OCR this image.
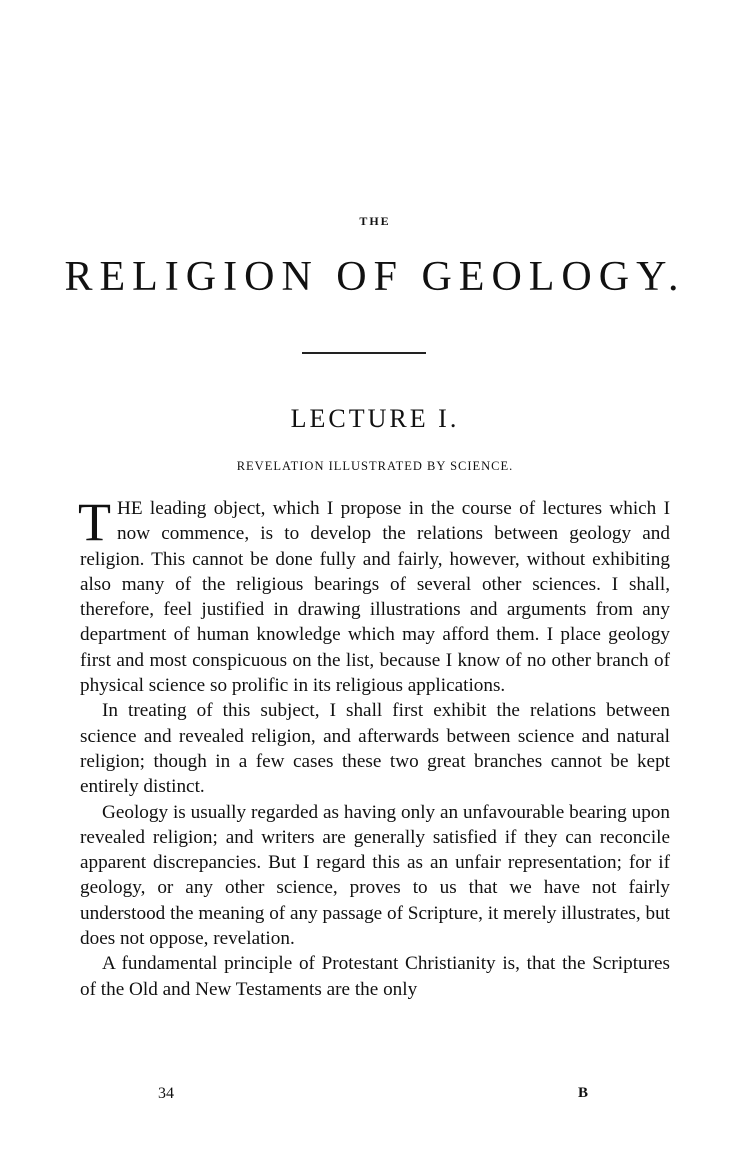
THE
RELIGION OF GEOLOGY.
LECTURE I.
REVELATION ILLUSTRATED BY SCIENCE.

THE leading object, which I propose in the course of lectures which I now commence, is to develop the relations between geology and religion. This cannot be done fully and fairly, however, without exhibiting also many of the religious bearings of several other sciences. I shall, therefore, feel justified in drawing illustrations and arguments from any department of human knowledge which may afford them. I place geology first and most conspicuous on the list, because I know of no other branch of physical science so prolific in its religious applications.

In treating of this subject, I shall first exhibit the relations between science and revealed religion, and afterwards between science and natural religion; though in a few cases these two great branches cannot be kept entirely distinct.

Geology is usually regarded as having only an unfavourable bearing upon revealed religion; and writers are generally satisfied if they can reconcile apparent discrepancies. But I regard this as an unfair representation; for if geology, or any other science, proves to us that we have not fairly understood the meaning of any passage of Scripture, it merely illustrates, but does not oppose, revelation.

A fundamental principle of Protestant Christianity is, that the Scriptures of the Old and New Testaments are the only

34	B
